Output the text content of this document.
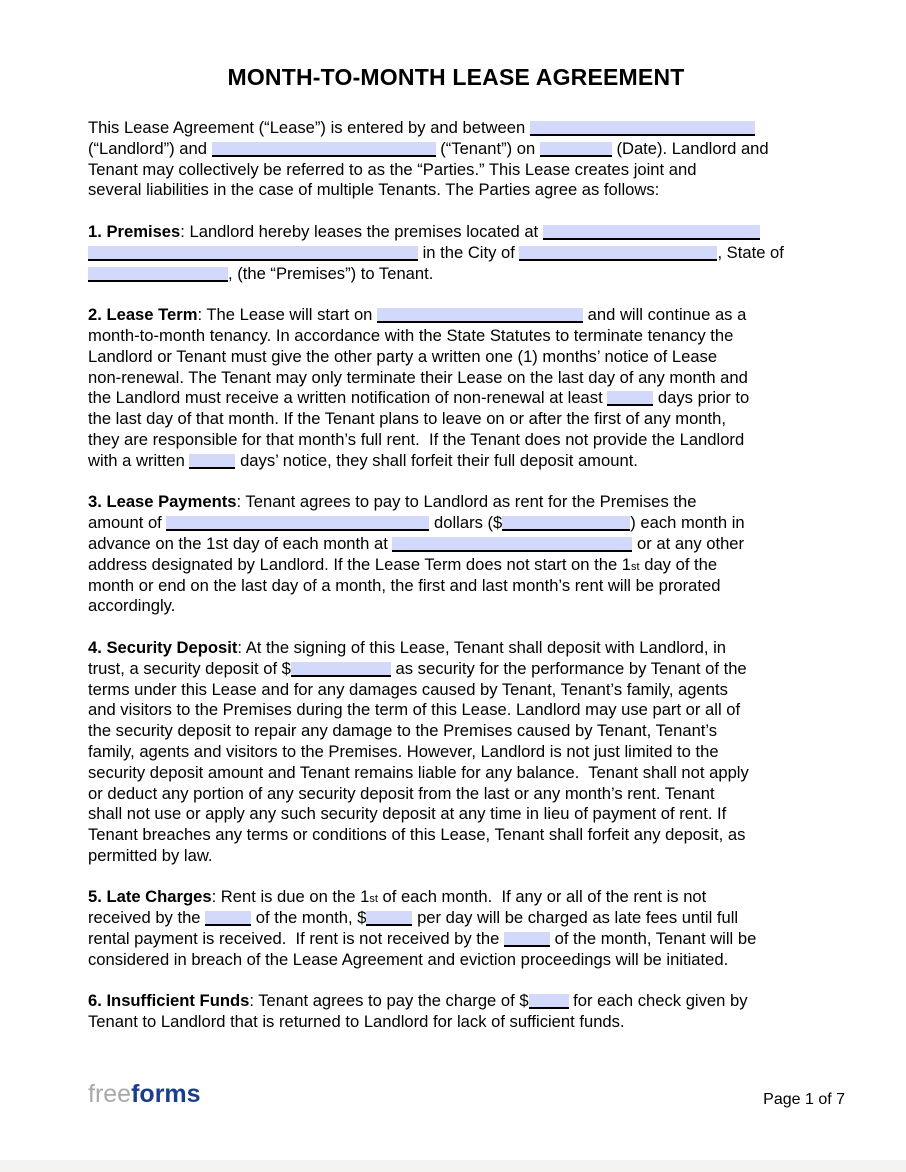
MONTH-TO-MONTH LEASE AGREEMENT
This Lease Agreement (“Lease”) is entered by and between
(“Landlord”) and	(“Tenant”) on	(Date). Landlord and
Tenant may collectively be referred to as the “Parties.” This Lease creates joint and
several liabilities in the case of multiple Tenants. The Parties agree as follows:
1. Premises: Landlord hereby leases the premises located at
in the City of	, State of
, (the “Premises”) to Tenant.
2. Lease Term: The Lease will start on	and will continue as a
month-to-month tenancy. In accordance with the State Statutes to terminate tenancy the
Landlord or Tenant must give the other party a written one (1) months’ notice of Lease
non-renewal. The Tenant may only terminate their Lease on the last day of any month and
the Landlord must receive a written notification of non-renewal at least	days prior to
the last day of that month. If the Tenant plans to leave on or after the first of any month,
they are responsible for that month’s full rent.  If the Tenant does not provide the Landlord
with a written	days’ notice, they shall forfeit their full deposit amount.
3. Lease Payments: Tenant agrees to pay to Landlord as rent for the Premises the
amount of	dollars ($	) each month in
advance on the 1st day of each month at	or at any other
address designated by Landlord. If the Lease Term does not start on the 1st day of the
month or end on the last day of a month, the first and last month’s rent will be prorated
accordingly.
4. Security Deposit: At the signing of this Lease, Tenant shall deposit with Landlord, in
trust, a security deposit of $	as security for the performance by Tenant of the
terms under this Lease and for any damages caused by Tenant, Tenant’s family, agents
and visitors to the Premises during the term of this Lease. Landlord may use part or all of
the security deposit to repair any damage to the Premises caused by Tenant, Tenant’s
family, agents and visitors to the Premises. However, Landlord is not just limited to the
security deposit amount and Tenant remains liable for any balance.  Tenant shall not apply
or deduct any portion of any security deposit from the last or any month’s rent. Tenant
shall not use or apply any such security deposit at any time in lieu of payment of rent. If
Tenant breaches any terms or conditions of this Lease, Tenant shall forfeit any deposit, as
permitted by law.
5. Late Charges: Rent is due on the 1st of each month.  If any or all of the rent is not
received by the	of the month, $	per day will be charged as late fees until full
rental payment is received.  If rent is not received by the	of the month, Tenant will be
considered in breach of the Lease Agreement and eviction proceedings will be initiated.
6. Insufficient Funds: Tenant agrees to pay the charge of $ for each check given by
Tenant to Landlord that is returned to Landlord for lack of sufficient funds.
freeforms	Page 1 of 7
